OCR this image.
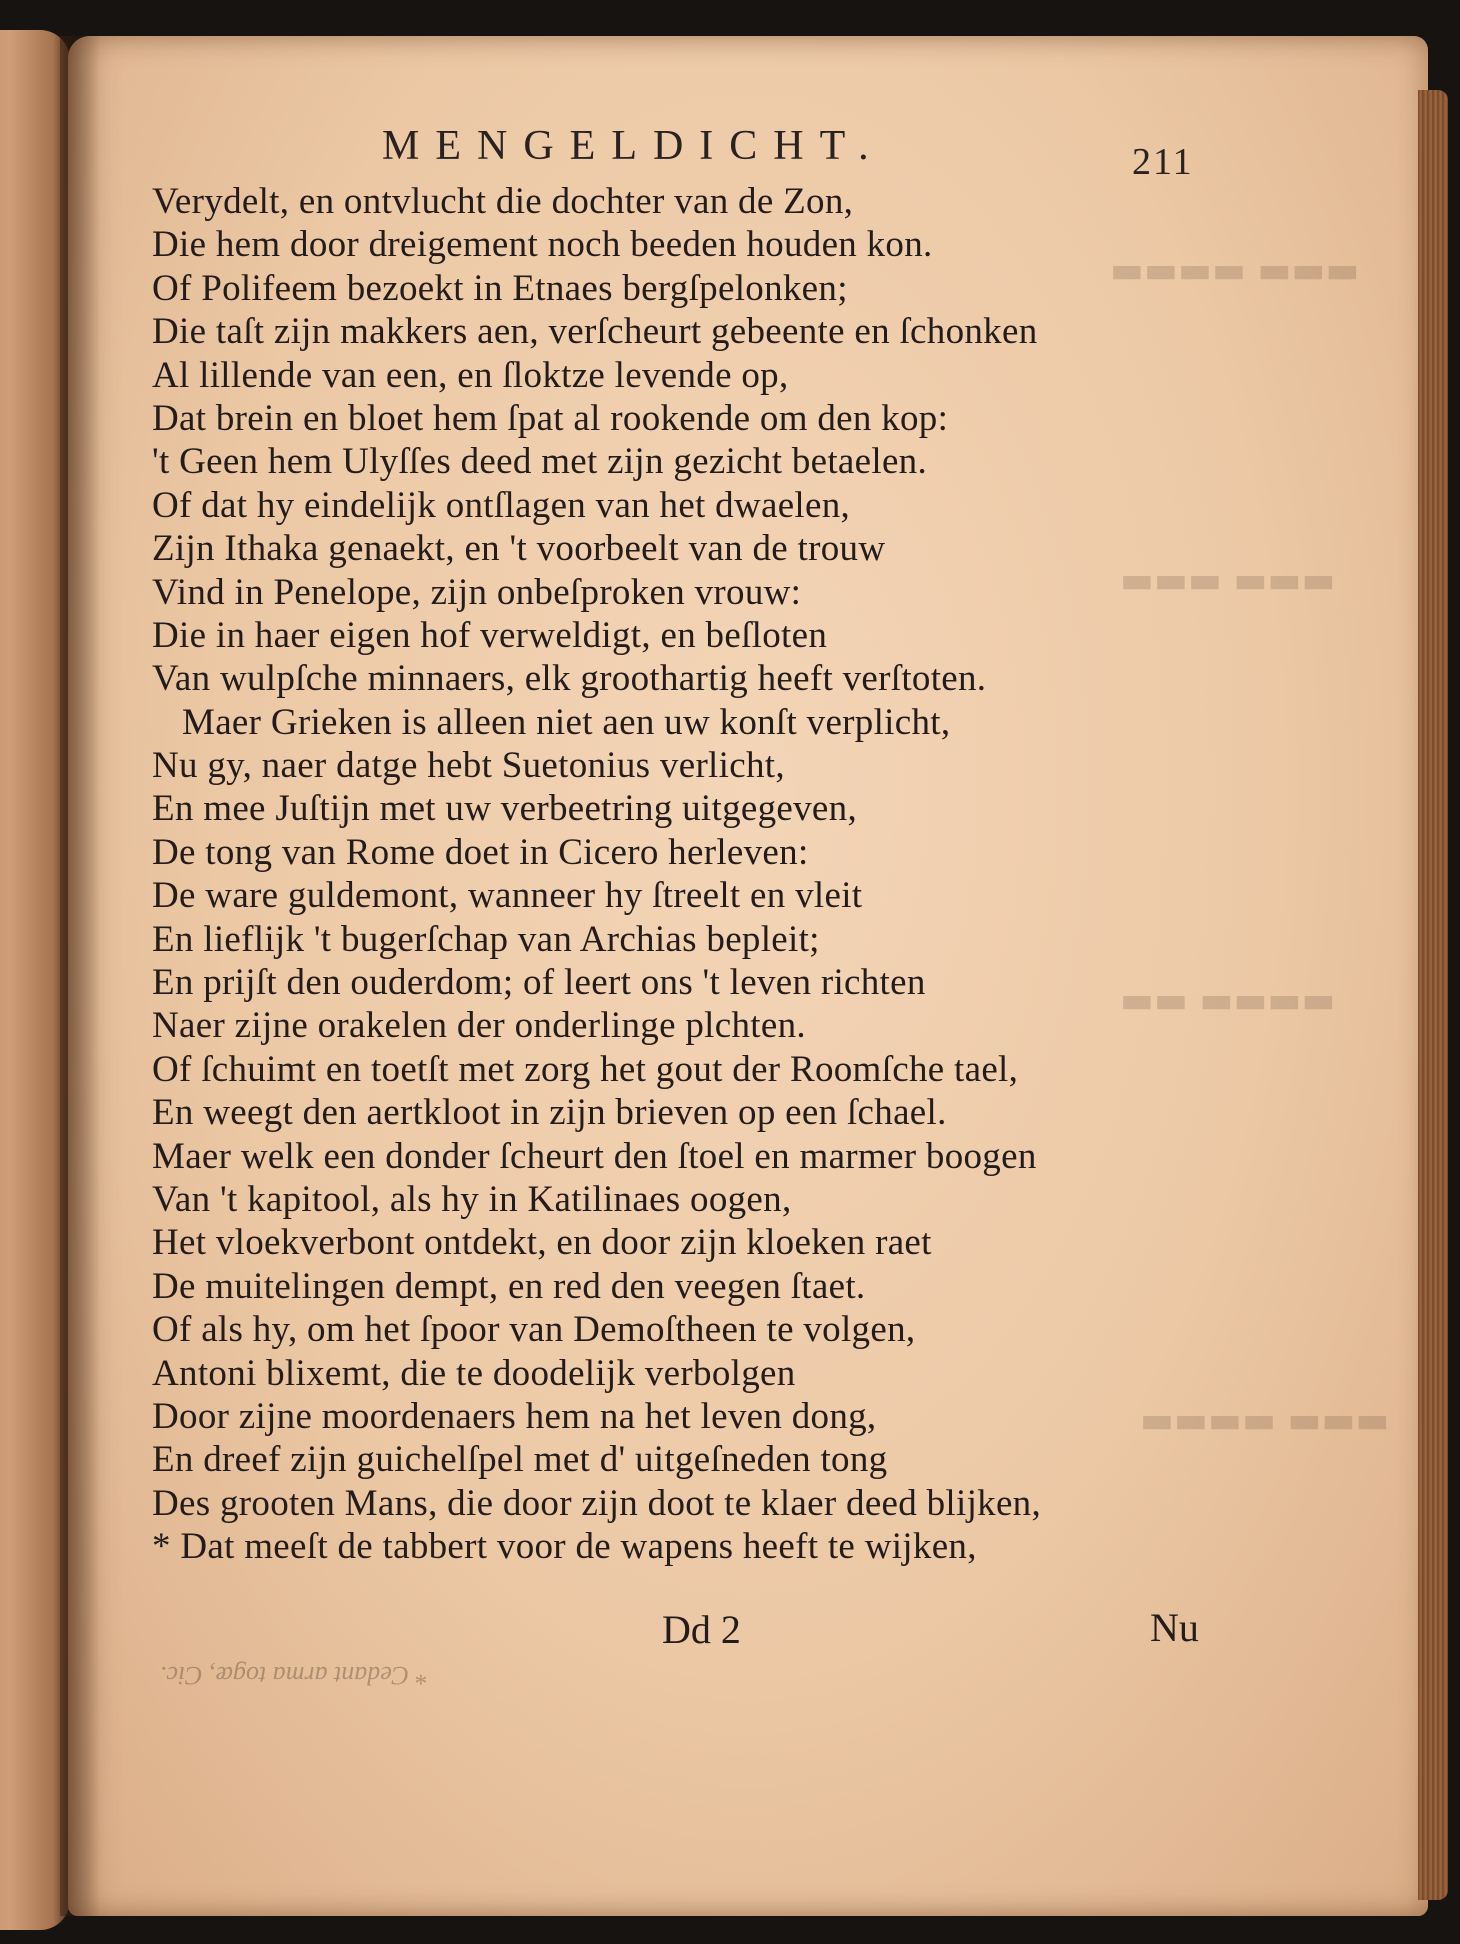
▬▬▬ ▬▬▬▬
▬▬▬ ▬▬▬
▬▬▬▬ ▬▬
▬▬▬ ▬▬▬▬
MENGELDICHT.	211
Verydelt, en ontvlucht die dochter van de Zon,
Die hem door dreigement noch beeden houden kon.
Of Polifeem bezoekt in Etnaes bergſpelonken;
Die taſt zijn makkers aen, verſcheurt gebeente en ſchonken
Al lillende van een, en ſloktze levende op,
Dat brein en bloet hem ſpat al rookende om den kop:
't Geen hem Ulyſſes deed met zijn gezicht betaelen.
Of dat hy eindelijk ontſlagen van het dwaelen,
Zijn Ithaka genaekt, en 't voorbeelt van de trouw
Vind in Penelope, zijn onbeſproken vrouw:
Die in haer eigen hof verweldigt, en beſloten
Van wulpſche minnaers, elk groothartig heeft verſtoten.
Maer Grieken is alleen niet aen uw konſt verplicht,
Nu gy, naer datge hebt Suetonius verlicht,
En mee Juſtijn met uw verbeetring uitgegeven,
De tong van Rome doet in Cicero herleven:
De ware guldemont, wanneer hy ſtreelt en vleit
En lieflijk 't bugerſchap van Archias bepleit;
En prijſt den ouderdom; of leert ons 't leven richten
Naer zijne orakelen der onderlinge plchten.
Of ſchuimt en toetſt met zorg het gout der Roomſche tael,
En weegt den aertkloot in zijn brieven op een ſchael.
Maer welk een donder ſcheurt den ſtoel en marmer boogen
Van 't kapitool, als hy in Katilinaes oogen,
Het vloekverbont ontdekt, en door zijn kloeken raet
De muitelingen dempt, en red den veegen ſtaet.
Of als hy, om het ſpoor van Demoſtheen te volgen,
Antoni blixemt, die te doodelijk verbolgen
Door zijne moordenaers hem na het leven dong,
En dreef zijn guichelſpel met d' uitgeſneden tong
Des grooten Mans, die door zijn doot te klaer deed blijken,
* Dat meeſt de tabbert voor de wapens heeft te wijken,
Dd 2	Nu
* Cedant arma togæ, Cic.
